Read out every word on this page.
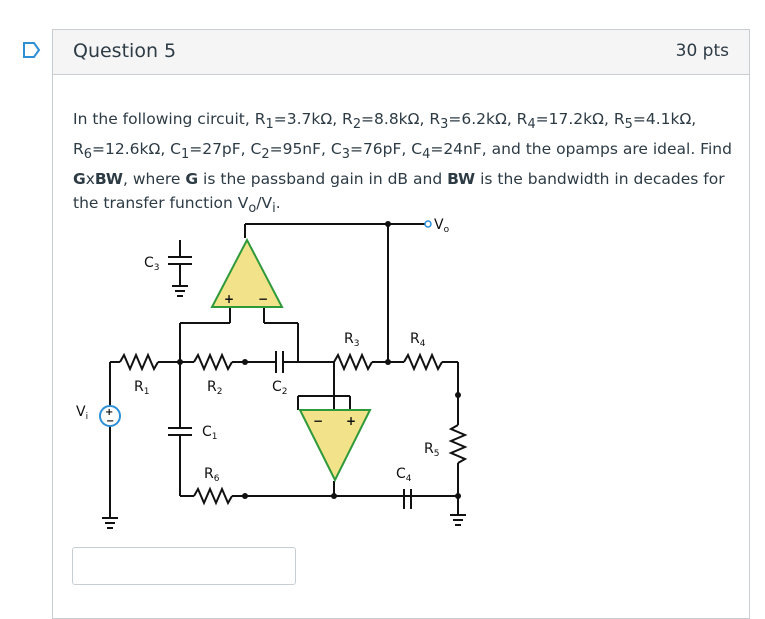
Question 5	30 pts
In the following circuit, $R_1=3.7k\Omega$, $R_2=8.8k\Omega$, $R_3=6.2k\Omega$, $R_4=17.2k\Omega$, $R_5=4.1k\Omega$, $R_6=12.6k\Omega$, $C_1=27pF$, $C_2=95nF$, $C_3=76pF$, $C_4=24nF$, and the opamps are ideal. Find GxBW, where G is the passband gain in dB and BW is the bandwidth in decades for the transfer function $V_o/V_i$.
$V_o$
$V_i$
$C_3$
$R_1$	$R_2$	$C_2$
$R_3$	$R_4$
$C_1$
$R_5$
$R_6$	$C_4$
+ −
− +
+
−
